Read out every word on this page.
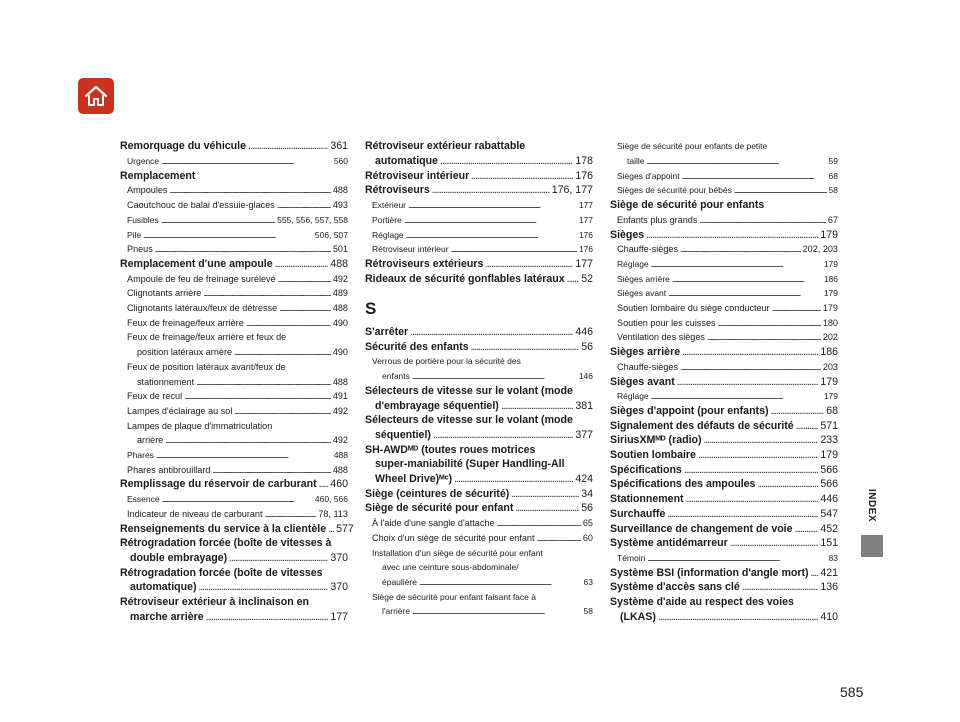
Remorquage du véhicule . . .	361
Urgence . . .	560
Remplacement
Ampoules . . .	488
Caoutchouc de balai d'essuie-glaces . . .	493
Fusibles . . .	555, 556, 557, 558
Pile . . .	506, 507
Pneus . . .	501
Remplacement d'une ampoule . . .	488
Ampoule de feu de freinage surélevé . . .	492
Clignotants arrière . . .	489
Clignotants latéraux/feux de détresse . . .	488
Feux de freinage/feux arrière . . .	490
Feux de freinage/feux arrière et feux de
position latéraux arrière . . .	490
Feux de position latéraux avant/feux de
stationnement . . .	488
Feux de recul . . .	491
Lampes d'éclairage au sol . . .	492
Lampes de plaque d'immatriculation
arrière . . .	492
Phares . . .	488
Phares antibrouillard . . .	488
Remplissage du réservoir de carburant . . . 460
Essence . . .	460, 566
Indicateur de niveau de carburant . . .	78, 113
Renseignements du service à la clientèle . . . 577
Rétrogradation forcée (boîte de vitesses à
double embrayage) . . .	370
Rétrogradation forcée (boîte de vitesses
automatique) . . .	370
Rétroviseur extérieur à inclinaison en
marche arrière . . .	177
Rétroviseur extérieur rabattable
automatique . . .	178
Rétroviseur intérieur . . .	176
Rétroviseurs . . .	176, 177
Extérieur . . .	177
Portière . . .	177
Réglage . . .	176
Rétroviseur intérieur . . .	176
Rétroviseurs extérieurs . . .	177
Rideaux de sécurité gonflables latéraux . . . 52
S
S'arrêter . . .	446
Sécurité des enfants . . .	56
Verrous de portière pour la sécurité des
enfants . . .	146
Sélecteurs de vitesse sur le volant (mode
d'embrayage séquentiel) . . .	381
Sélecteurs de vitesse sur le volant (mode
séquentiel) . . .	377
SH-AWDᴹᴰ (toutes roues motrices
super-maniabilité (Super Handling-All
Wheel Drive)ᴹᶜ) . . .	424
Siège (ceintures de sécurité) . . .	34
Siège de sécurité pour enfant . . .	56
À l'aide d'une sangle d'attache . . .	65
Choix d'un siège de sécurité pour enfant . . .	60
Installation d'un siège de sécurité pour enfant
avec une ceinture sous-abdominale/
épaulière . . .	63
Siège de sécurité pour enfant faisant face à
l'arrière . . .	58
Siège de sécurité pour enfants de petite
taille . . .	59
Sièges d'appoint . . .	68
Sièges de sécurité pour bébés . . .	58
Siège de sécurité pour enfants
Enfants plus grands . . .	67
Sièges . . .	179
Chauffe-sièges . . .	202, 203
Réglage . . .	179
Sièges arrière . . .	186
Sièges avant . . .	179
Soutien lombaire du siège conducteur . . .	179
Soutien pour les cuisses . . .	180
Ventilation des sièges . . .	202
Sièges arrière . . .	186
Chauffe-sièges . . .	203
Sièges avant . . .	179
Réglage . . .	179
Sièges d'appoint (pour enfants) . . .	68
Signalement des défauts de sécurité . . .	571
SiriusXMᴹᴰ (radio) . . .	233
Soutien lombaire . . .	179
Spécifications . . .	566
Spécifications des ampoules . . .	566
Stationnement . . .	446
Surchauffe . . .	547
Surveillance de changement de voie . . .	452
Système antidémarreur . . .	151
Témoin . . .	83
Système BSI (information d'angle mort) . . . 421
Système d'accès sans clé . . .	136
Système d'aide au respect des voies
(LKAS) . . .	410
INDEX
585
